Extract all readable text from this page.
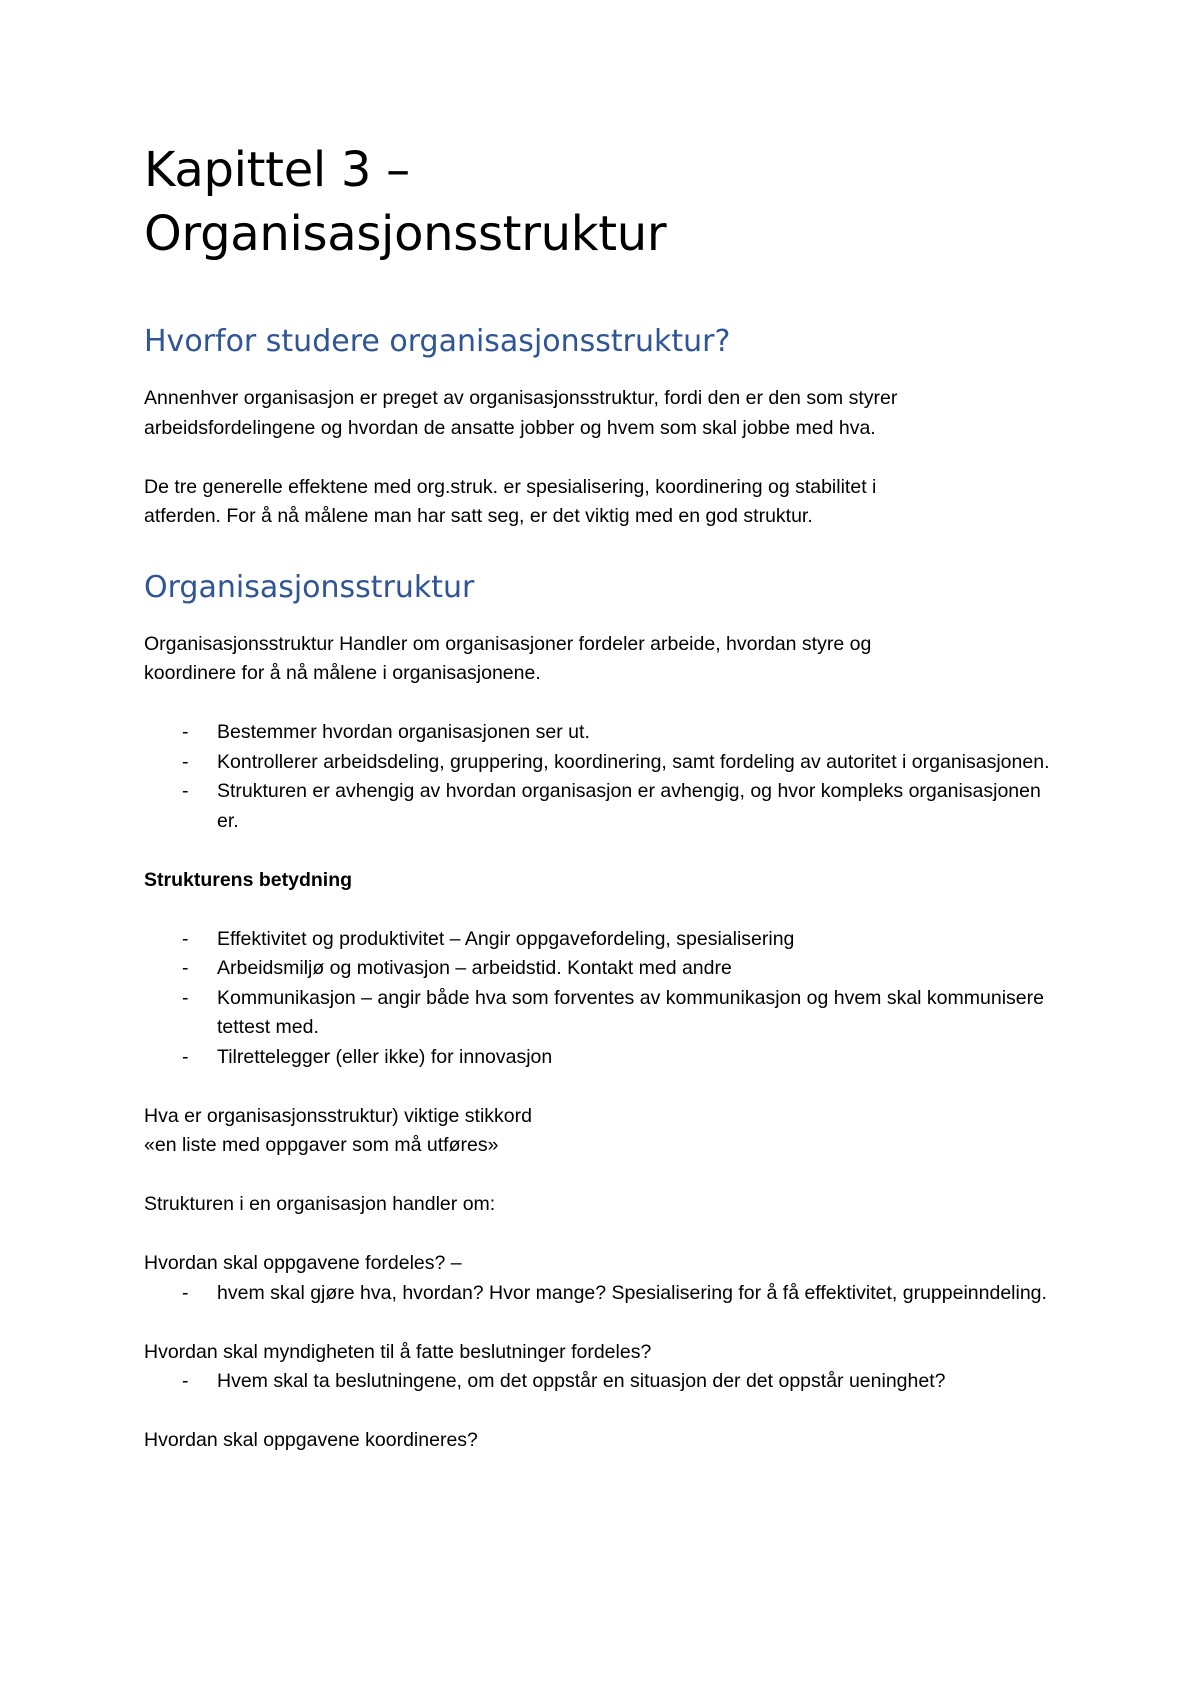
Kapittel 3 –
Organisasjonsstruktur
Hvorfor studere organisasjonsstruktur?
Annenhver organisasjon er preget av organisasjonsstruktur, fordi den er den som styrer
arbeidsfordelingene og hvordan de ansatte jobber og hvem som skal jobbe med hva.
De tre generelle effektene med org.struk. er spesialisering, koordinering og stabilitet i
atferden. For å nå målene man har satt seg, er det viktig med en god struktur.
Organisasjonsstruktur
Organisasjonsstruktur Handler om organisasjoner fordeler arbeide, hvordan styre og
koordinere for å nå målene i organisasjonene.
- Bestemmer hvordan organisasjonen ser ut.
- Kontrollerer arbeidsdeling, gruppering, koordinering, samt fordeling av autoritet i organisasjonen.
- Strukturen er avhengig av hvordan organisasjon er avhengig, og hvor kompleks organisasjonen er.

Strukturens betydning

- Effektivitet og produktivitet – Angir oppgavefordeling, spesialisering
- Arbeidsmiljø og motivasjon – arbeidstid. Kontakt med andre
- Kommunikasjon – angir både hva som forventes av kommunikasjon og hvem skal kommunisere tettest med.
- Tilrettelegger (eller ikke) for innovasjon
Hva er organisasjonsstruktur) viktige stikkord
«en liste med oppgaver som må utføres»

Strukturen i en organisasjon handler om:

Hvordan skal oppgavene fordeles? –

- hvem skal gjøre hva, hvordan? Hvor mange? Spesialisering for å få effektivitet, gruppeinndeling.

Hvordan skal myndigheten til å fatte beslutninger fordeles?

- Hvem skal ta beslutningene, om det oppstår en situasjon der det oppstår ueninghet?

Hvordan skal oppgavene koordineres?
